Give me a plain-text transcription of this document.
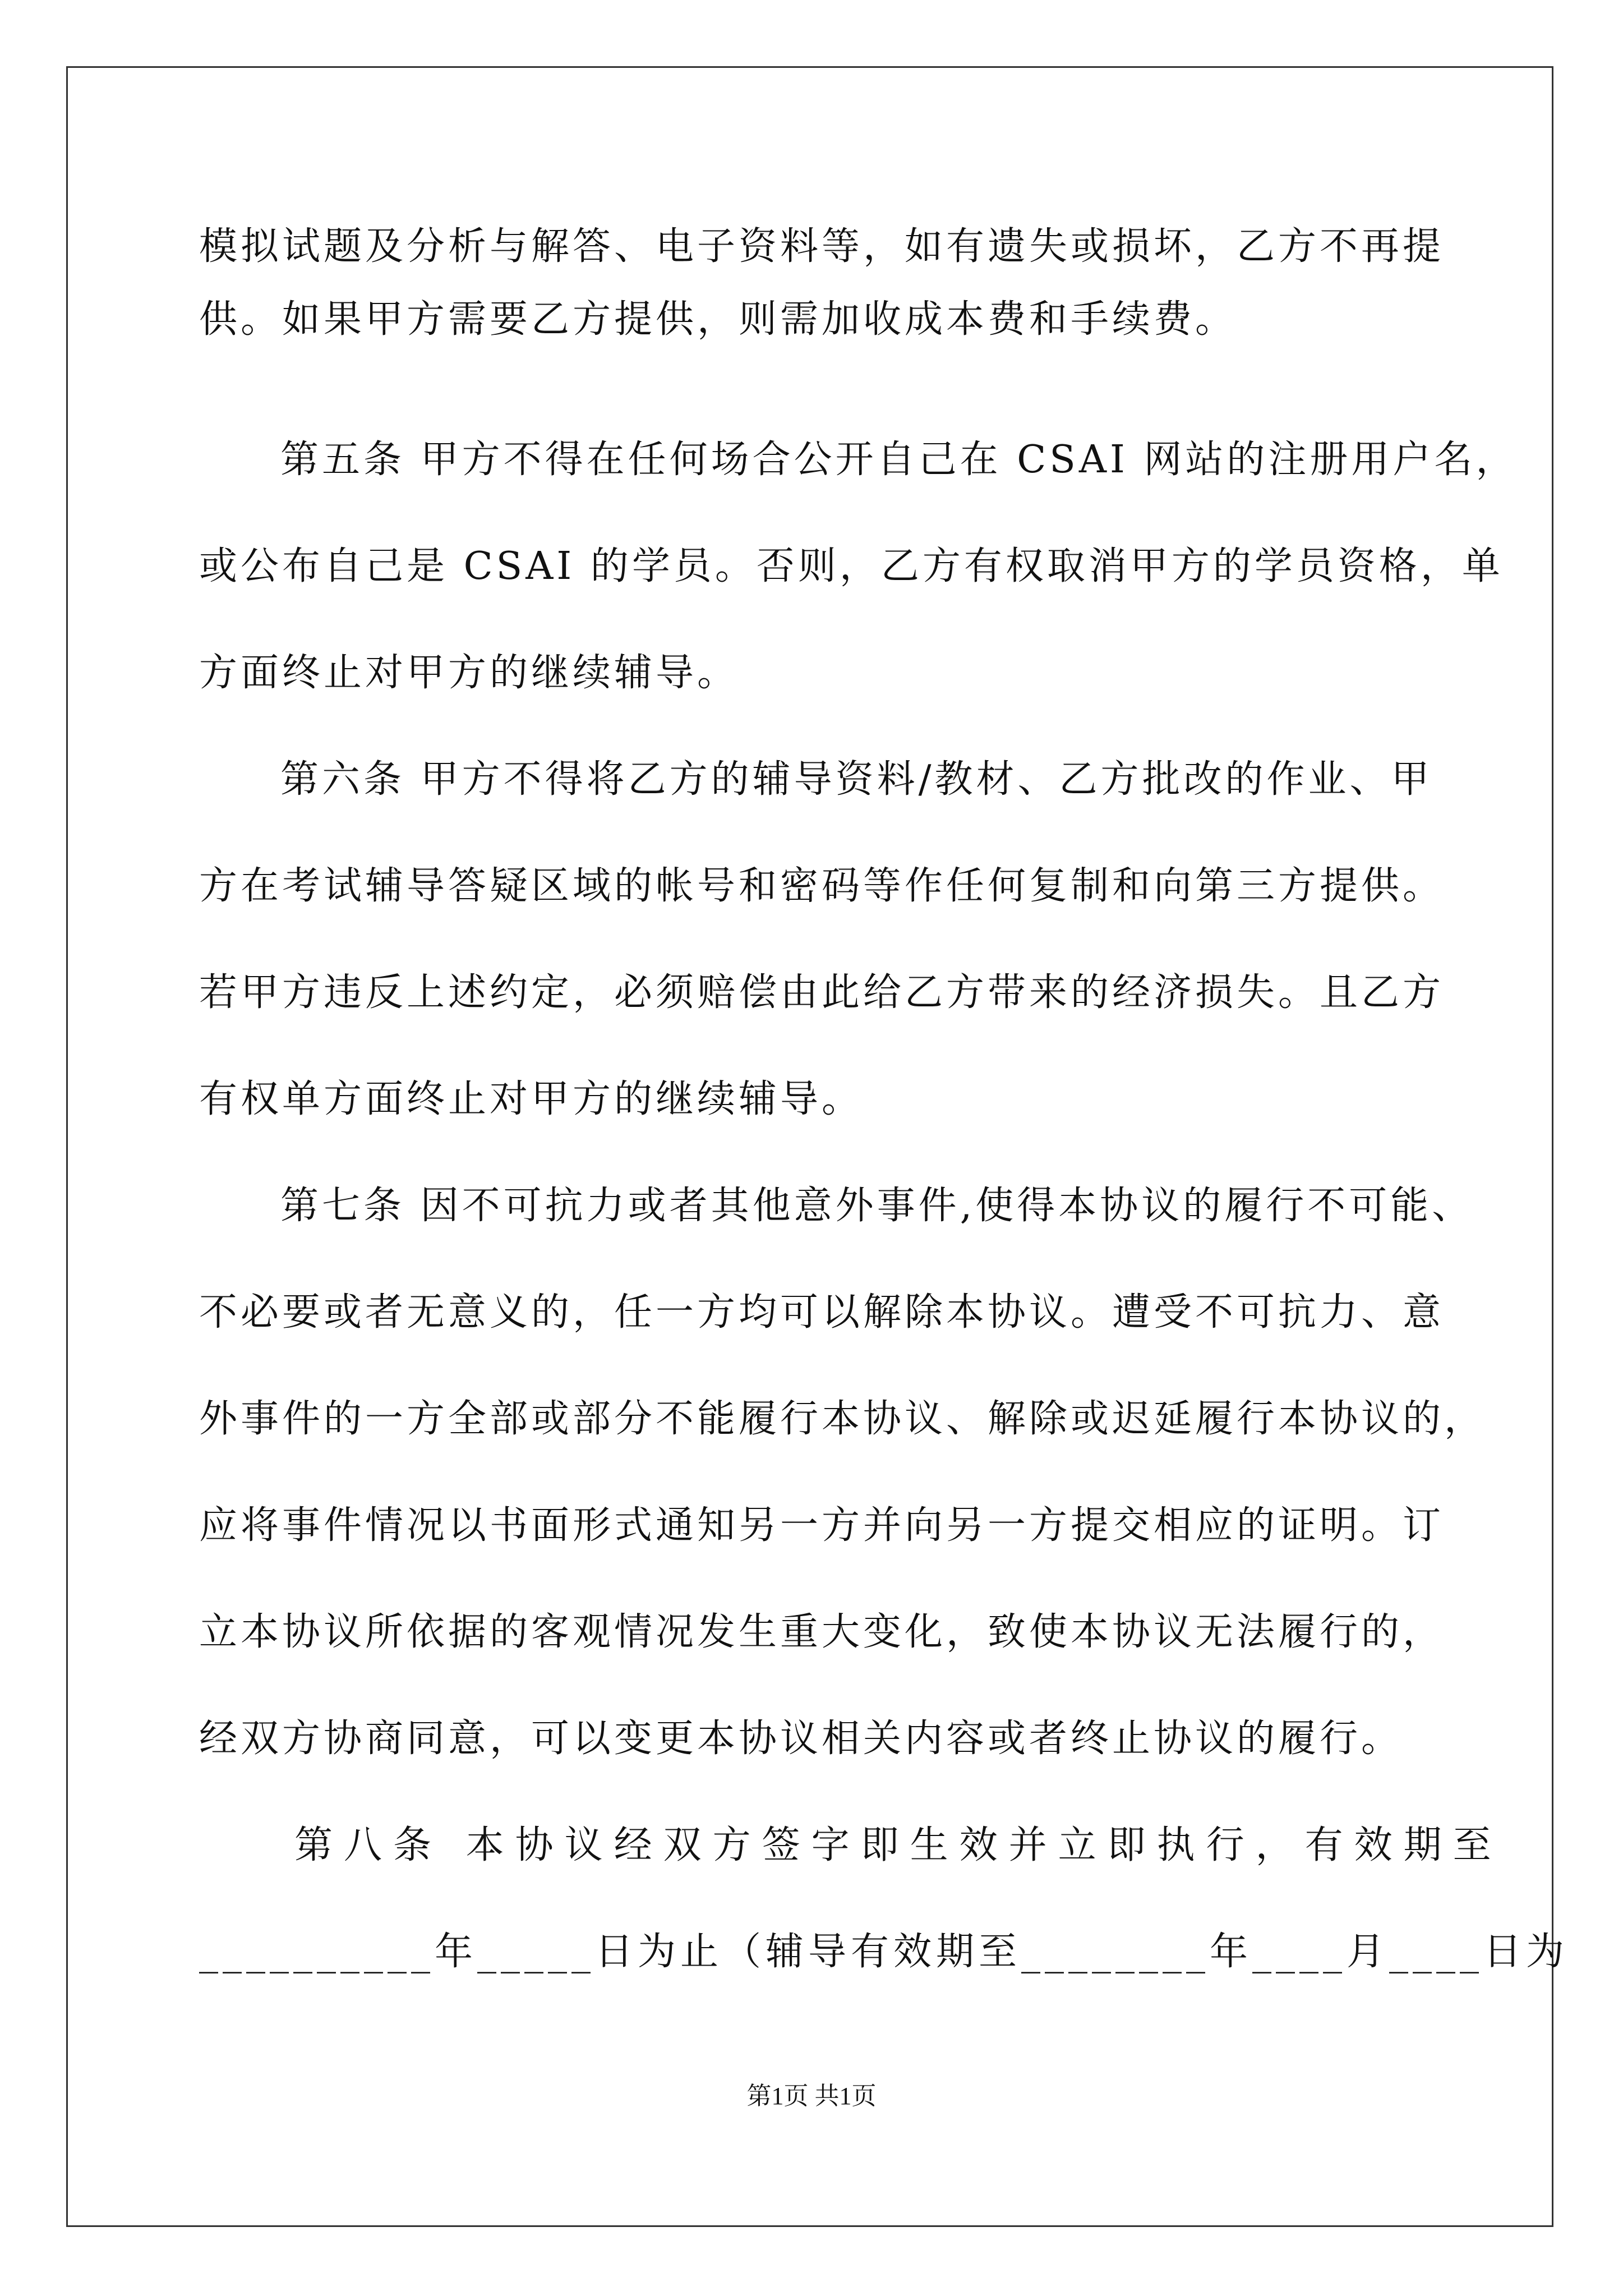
模拟试题及分析与解答、电子资料等，如有遗失或损坏，乙方不再提
供。如果甲方需要乙方提供，则需加收成本费和手续费。
第五条 甲方不得在任何场合公开自己在 CSAI 网站的注册用户名，
或公布自己是 CSAI 的学员。否则，乙方有权取消甲方的学员资格，单
方面终止对甲方的继续辅导。
第六条 甲方不得将乙方的辅导资料/教材、乙方批改的作业、甲
方在考试辅导答疑区域的帐号和密码等作任何复制和向第三方提供。
若甲方违反上述约定，必须赔偿由此给乙方带来的经济损失。且乙方
有权单方面终止对甲方的继续辅导。
第七条 因不可抗力或者其他意外事件,使得本协议的履行不可能、
不必要或者无意义的，任一方均可以解除本协议。遭受不可抗力、意
外事件的一方全部或部分不能履行本协议、解除或迟延履行本协议的，
应将事件情况以书面形式通知另一方并向另一方提交相应的证明。订
立本协议所依据的客观情况发生重大变化，致使本协议无法履行的，
经双方协商同意，可以变更本协议相关内容或者终止协议的履行。
第八条 本协议经双方签字即生效并立即执行，有效期至
__________年_____日为止（辅导有效期至________年____月____日为
第1页 共1页
